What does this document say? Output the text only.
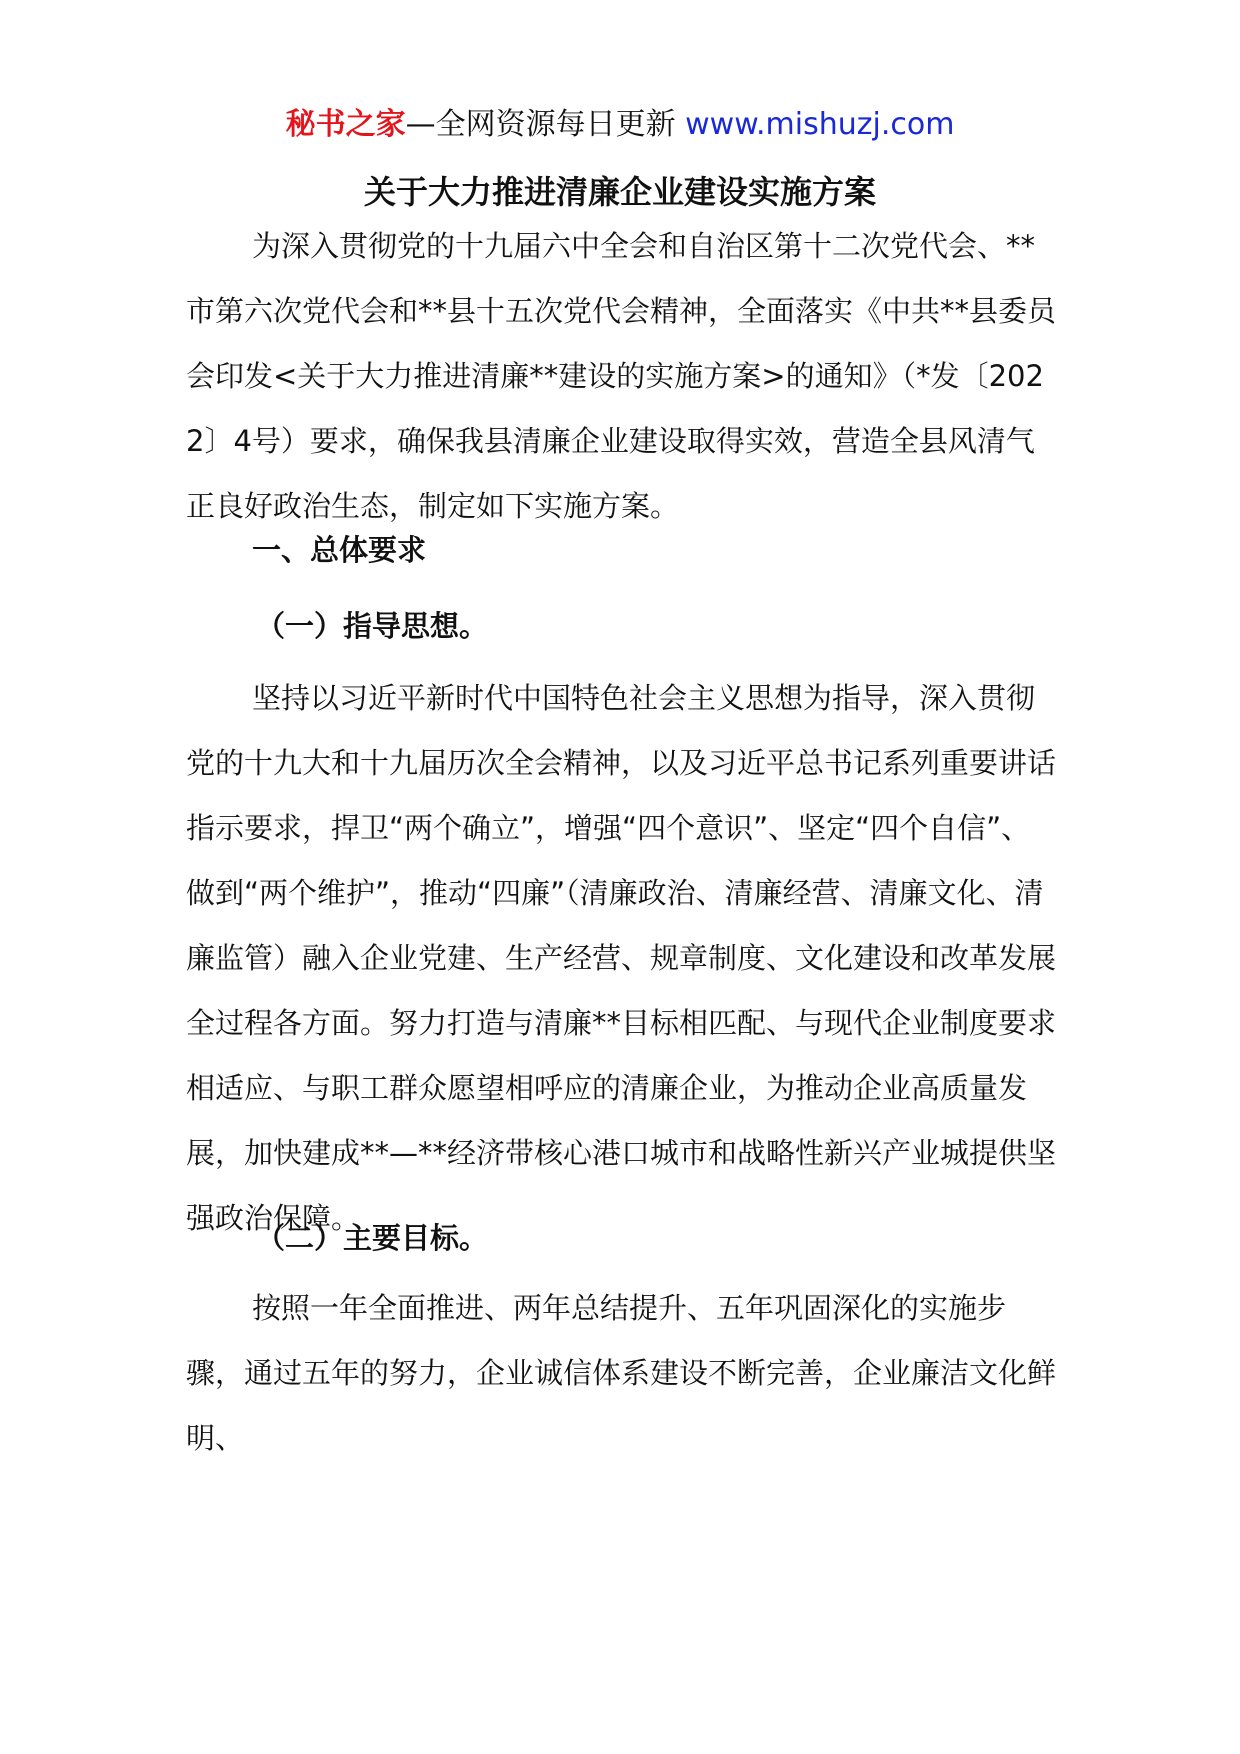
秘书之家—全网资源每日更新 www.mishuzj.com
关于大力推进清廉企业建设实施方案

为深入贯彻党的十九届六中全会和自治区第十二次党代会、**市第六次党代会和**县十五次党代会精神，全面落实《中共**县委员会印发<关于大力推进清廉**建设的实施方案>的通知》（*发〔2022〕4号）要求，确保我县清廉企业建设取得实效，营造全县风清气正良好政治生态，制定如下实施方案。

一、总体要求
（一）指导思想。

坚持以习近平新时代中国特色社会主义思想为指导，深入贯彻党的十九大和十九届历次全会精神，以及习近平总书记系列重要讲话指示要求，捍卫“两个确立”，增强“四个意识”、坚定“四个自信”、做到“两个维护”，推动“四廉”（清廉政治、清廉经营、清廉文化、清廉监管）融入企业党建、生产经营、规章制度、文化建设和改革发展全过程各方面。努力打造与清廉**目标相匹配、与现代企业制度要求相适应、与职工群众愿望相呼应的清廉企业，为推动企业高质量发展，加快建成**—**经济带核心港口城市和战略性新兴产业城提供坚强政治保障。

（二）主要目标。

按照一年全面推进、两年总结提升、五年巩固深化的实施步骤，通过五年的努力，企业诚信体系建设不断完善，企业廉洁文化鲜明、
